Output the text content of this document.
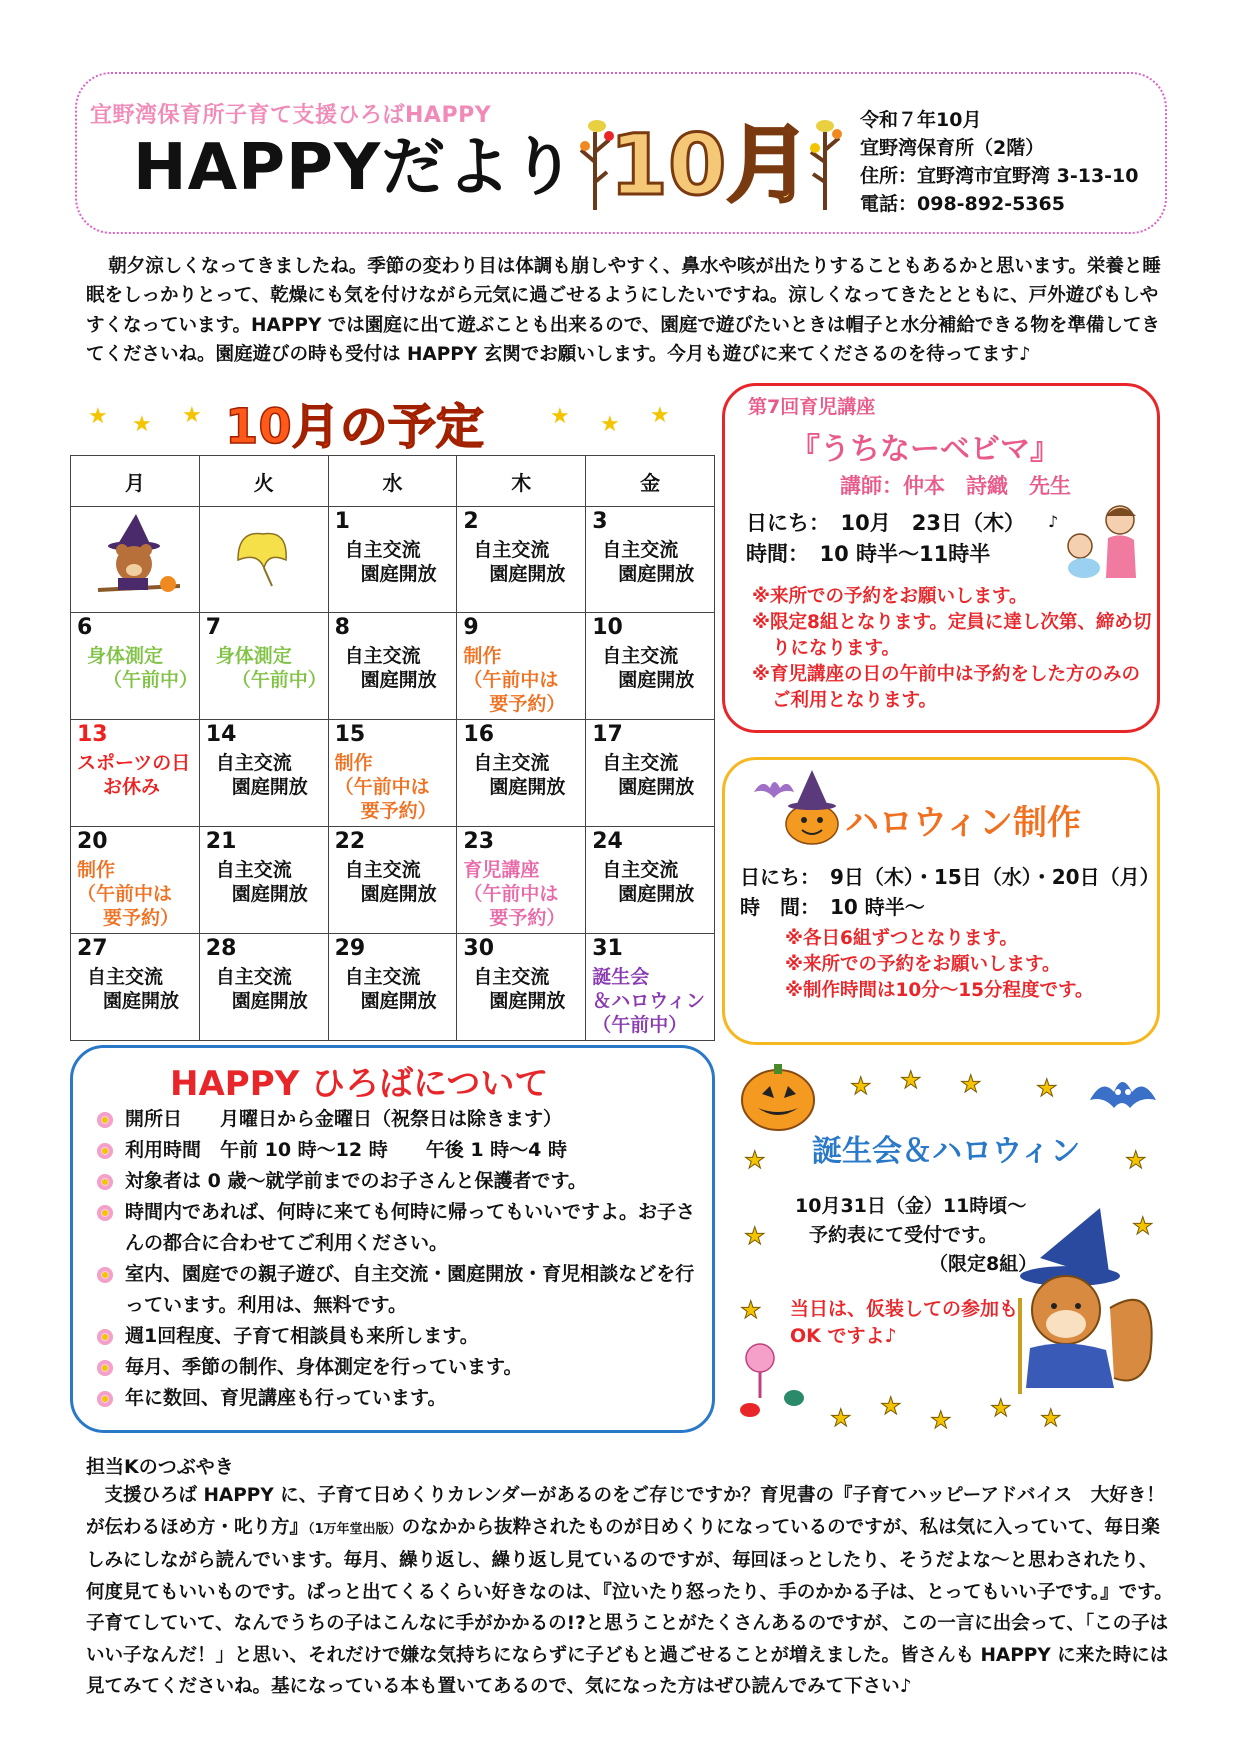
宜野湾保育所子育て支援ひろばHAPPY
HAPPYだより 10月	令和７年10月
宜野湾保育所（2階）
住所：宜野湾市宜野湾 3-13-10
電話：098-892-5365
朝夕涼しくなってきましたね。季節の変わり目は体調も崩しやすく、鼻水や咳が出たりすることもあるかと思います。栄養と睡眠をしっかりとって、乾燥にも気を付けながら元気に過ごせるようにしたいですね。涼しくなってきたとともに、戸外遊びもしやすくなっています。HAPPY では園庭に出て遊ぶことも出来るので、園庭で遊びたいときは帽子と水分補給できる物を準備してきてくださいね。園庭遊びの時も受付は HAPPY 玄関でお願いします。今月も遊びに来てくださるのを待ってます♪
★ ★ ★	★ ★ ★
10月の予定
月	火	水	木	金

		1
自主交流
園庭開放	2
自主交流
園庭開放	3
自主交流
園庭開放

6
身体測定
（午前中）	7
身体測定
（午前中）	8
自主交流
園庭開放	9
制作
（午前中は
要予約）	10
自主交流
園庭開放

13
スポーツの日
お休み	14
自主交流
園庭開放	15
制作
（午前中は
要予約）	16
自主交流
園庭開放	17
自主交流
園庭開放

20
制作
（午前中は
要予約）	21
自主交流
園庭開放	22
自主交流
園庭開放	23
育児講座
（午前中は
要予約）	24
自主交流
園庭開放

27
自主交流
園庭開放	28
自主交流
園庭開放	29
自主交流
園庭開放	30
自主交流
園庭開放	31
誕生会
＆ハロウィン
（午前中）
第7回育児講座
『うちなーベビマ』
講師：仲本　詩織　先生
日にち：　10月　23日（木）
時間：　10 時半～11時半
♪
※来所での予約をお願いします。
※限定8組となります。定員に達し次第、締め切りになります。
※育児講座の日の午前中は予約をした方のみのご利用となります。
ハロウィン制作
日にち：　9日（木）・15日（水）・20日（月）
時　間：　10 時半～
※各日6組ずつとなります。
※来所での予約をお願いします。
※制作時間は10分～15分程度です。
HAPPY ひろばについて
開所日　　月曜日から金曜日（祝祭日は除きます）
利用時間　午前 10 時～12 時　　午後 1 時～4 時
対象者は 0 歳～就学前までのお子さんと保護者です。
時間内であれば、何時に来ても何時に帰ってもいいですよ。お子さんの都合に合わせてご利用ください。
室内、園庭での親子遊び、自主交流・園庭開放・育児相談などを行っています。利用は、無料です。
週1回程度、子育て相談員も来所します。
毎月、季節の制作、身体測定を行っています。
年に数回、育児講座も行っています。
★ ★ ★ ★
★
★
★
★
★
★ ★ ★ ★ ★
誕生会＆ハロウィン
10月31日（金）11時頃～
予約表にて受付です。
（限定8組）
当日は、仮装しての参加も
OK ですよ♪
担当Kのつぶやき
支援ひろば HAPPY に、子育て日めくりカレンダーがあるのをご存じですか？育児書の『子育てハッピーアドバイス　大好き！が伝わるほめ方・叱り方』（1万年堂出版）のなかから抜粋されたものが日めくりになっているのですが、私は気に入っていて、毎日楽しみにしながら読んでいます。毎月、繰り返し、繰り返し見ているのですが、毎回ほっとしたり、そうだよな～と思わされたり、何度見てもいいものです。ぱっと出てくるくらい好きなのは、『泣いたり怒ったり、手のかかる子は、とってもいい子です。』です。子育てしていて、なんでうちの子はこんなに手がかかるの!?と思うことがたくさんあるのですが、この一言に出会って、「この子はいい子なんだ！」と思い、それだけで嫌な気持ちにならずに子どもと過ごせることが増えました。皆さんも HAPPY に来た時には見てみてくださいね。基になっている本も置いてあるので、気になった方はぜひ読んでみて下さい♪
